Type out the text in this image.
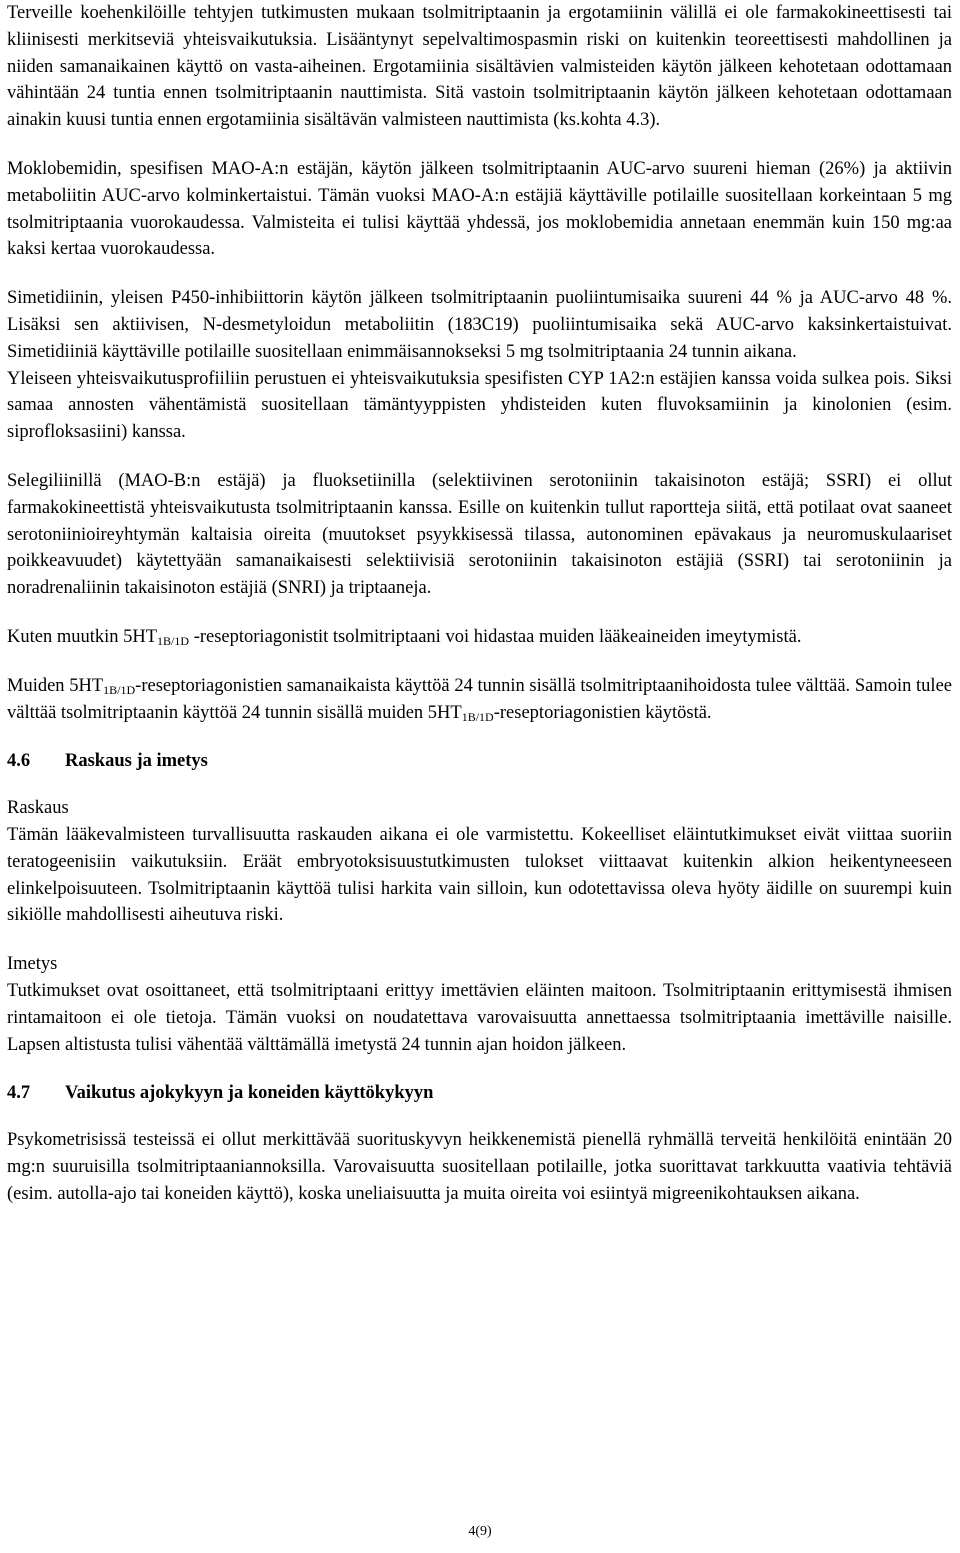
Terveille koehenkilöille tehtyjen tutkimusten mukaan tsolmitriptaanin ja ergotamiinin välillä ei ole farmakokineettisesti tai kliinisesti merkitseviä yhteisvaikutuksia. Lisääntynyt sepelvaltimospasmin riski on kuitenkin teoreettisesti mahdollinen ja niiden samanaikainen käyttö on vasta-aiheinen. Ergotamiinia sisältävien valmisteiden käytön jälkeen kehotetaan odottamaan vähintään 24 tuntia ennen tsolmitriptaanin nauttimista. Sitä vastoin tsolmitriptaanin käytön jälkeen kehotetaan odottamaan ainakin kuusi tuntia ennen ergotamiinia sisältävän valmisteen nauttimista (ks.kohta 4.3).

Moklobemidin, spesifisen MAO-A:n estäjän, käytön jälkeen tsolmitriptaanin AUC-arvo suureni hieman (26%) ja aktiivin metaboliitin AUC-arvo kolminkertaistui. Tämän vuoksi MAO-A:n estäjiä käyttäville potilaille suositellaan korkeintaan 5 mg tsolmitriptaania vuorokaudessa. Valmisteita ei tulisi käyttää yhdessä, jos moklobemidia annetaan enemmän kuin 150 mg:aa kaksi kertaa vuorokaudessa.

Simetidiinin, yleisen P450-inhibiittorin käytön jälkeen tsolmitriptaanin puoliintumisaika suureni 44 % ja AUC-arvo 48 %. Lisäksi sen aktiivisen, N-desmetyloidun metaboliitin (183C19) puoliintumisaika sekä AUC-arvo kaksinkertaistuivat. Simetidiiniä käyttäville potilaille suositellaan enimmäisannokseksi 5 mg tsolmitriptaania 24 tunnin aikana.

Yleiseen yhteisvaikutusprofiiliin perustuen ei yhteisvaikutuksia spesifisten CYP 1A2:n estäjien kanssa voida sulkea pois. Siksi samaa annosten vähentämistä suositellaan tämäntyyppisten yhdisteiden kuten fluvoksamiinin ja kinolonien (esim. siprofloksasiini) kanssa.

Selegiliinillä (MAO-B:n estäjä) ja fluoksetiinilla (selektiivinen serotoniinin takaisinoton estäjä; SSRI) ei ollut farmakokineettistä yhteisvaikutusta tsolmitriptaanin kanssa. Esille on kuitenkin tullut raportteja siitä, että potilaat ovat saaneet serotoniinioireyhtymän kaltaisia oireita (muutokset psyykkisessä tilassa, autonominen epävakaus ja neuromuskulaariset poikkeavuudet) käytettyään samanaikaisesti selektiivisiä serotoniinin takaisinoton estäjiä (SSRI) tai serotoniinin ja noradrenaliinin takaisinoton estäjiä (SNRI) ja triptaaneja.

Kuten muutkin $5HT_{1B/1D}$ -reseptoriagonistit tsolmitriptaani voi hidastaa muiden lääkeaineiden imeytymistä.

Muiden $5HT_{1B/1D}$-reseptoriagonistien samanaikaista käyttöä 24 tunnin sisällä tsolmitriptaanihoidosta tulee välttää. Samoin tulee välttää tsolmitriptaanin käyttöä 24 tunnin sisällä muiden $5HT_{1B/1D}$-reseptoriagonistien käytöstä.

4.6 Raskaus ja imetys

Raskaus

Tämän lääkevalmisteen turvallisuutta raskauden aikana ei ole varmistettu. Kokeelliset eläintutkimukset eivät viittaa suoriin teratogeenisiin vaikutuksiin. Eräät embryotoksisuustutkimusten tulokset viittaavat kuitenkin alkion heikentyneeseen elinkelpoisuuteen. Tsolmitriptaanin käyttöä tulisi harkita vain silloin, kun odotettavissa oleva hyöty äidille on suurempi kuin sikiölle mahdollisesti aiheutuva riski.

Imetys

Tutkimukset ovat osoittaneet, että tsolmitriptaani erittyy imettävien eläinten maitoon. Tsolmitriptaanin erittymisestä ihmisen rintamaitoon ei ole tietoja. Tämän vuoksi on noudatettava varovaisuutta annettaessa tsolmitriptaania imettäville naisille. Lapsen altistusta tulisi vähentää välttämällä imetystä 24 tunnin ajan hoidon jälkeen.

4.7 Vaikutus ajokykyyn ja koneiden käyttökykyyn

Psykometrisissä testeissä ei ollut merkittävää suorituskyvyn heikkenemistä pienellä ryhmällä terveitä henkilöitä enintään 20 mg:n suuruisilla tsolmitriptaaniannoksilla. Varovaisuutta suositellaan potilaille, jotka suorittavat tarkkuutta vaativia tehtäviä (esim. autolla-ajo tai koneiden käyttö), koska uneliaisuutta ja muita oireita voi esiintyä migreenikohtauksen aikana.

4(9)
